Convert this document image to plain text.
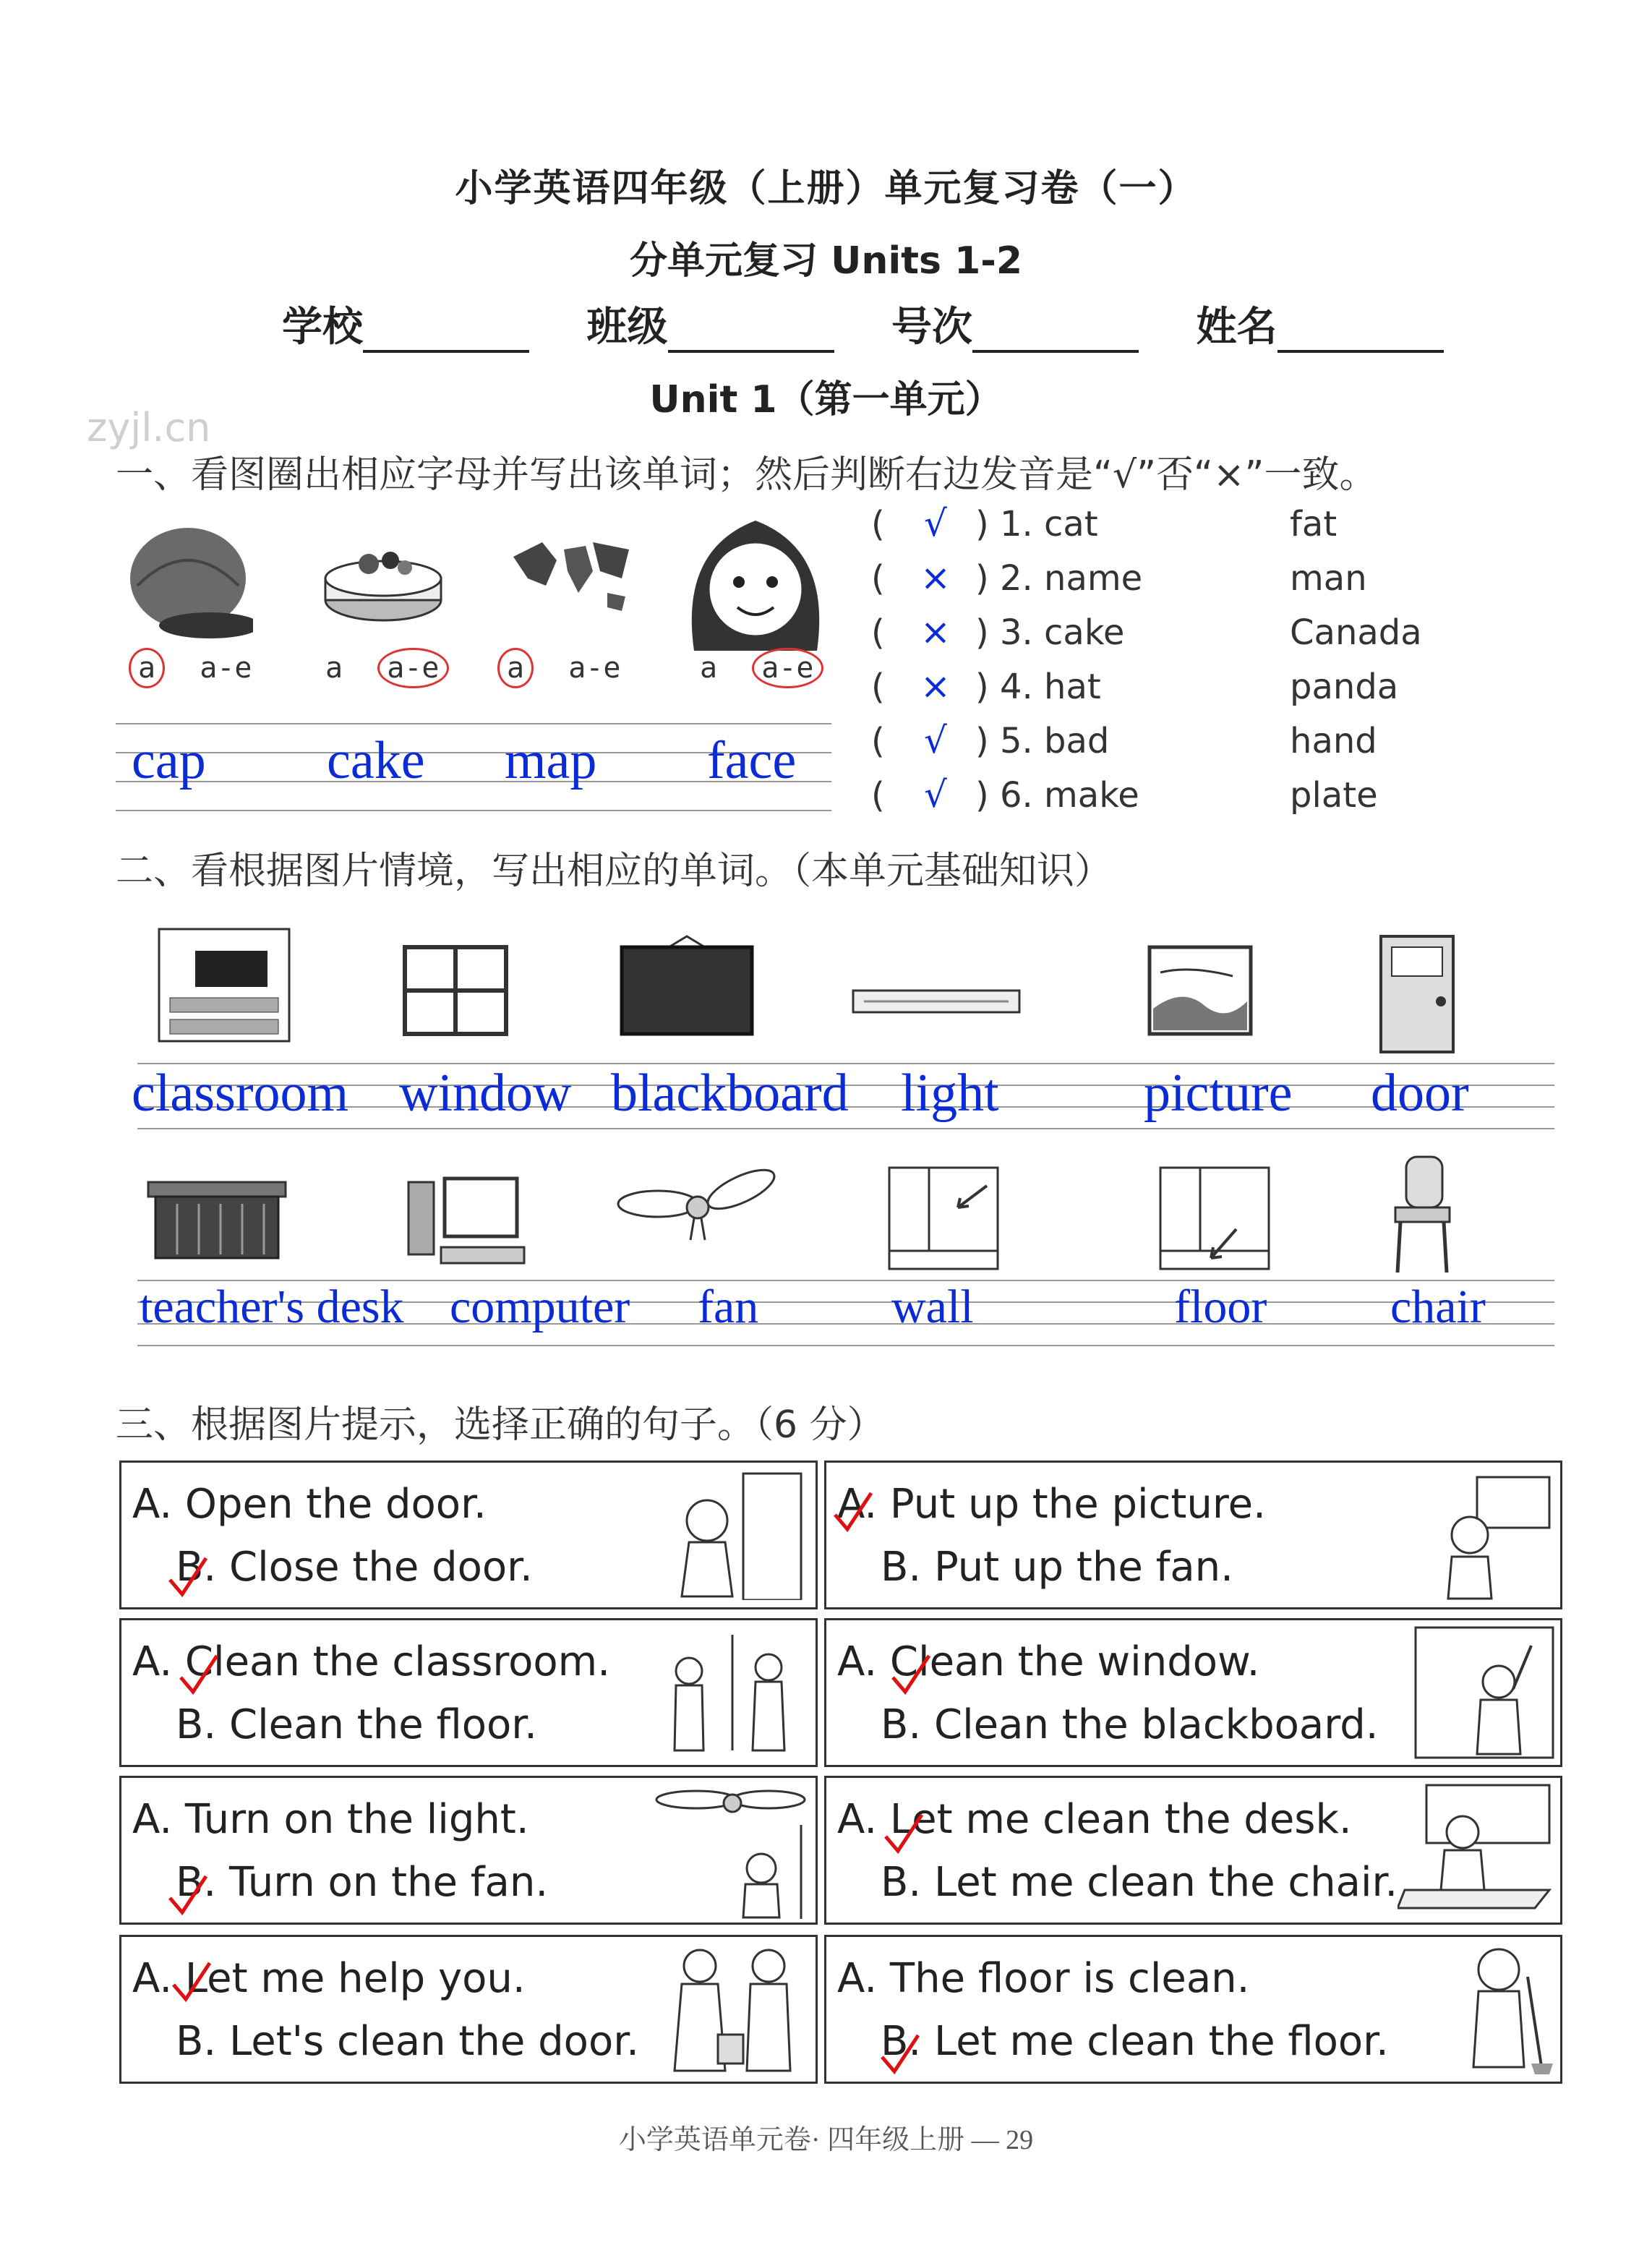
小学英语四年级（上册）单元复习卷（一）
分单元复习 Units 1-2
学校	班级	号次	姓名
Unit 1（第一单元）
zyjl.cn
一、看图圈出相应字母并写出该单词；然后判断右边发音是“√”否“×”一致。
a a-e	a a-e	a a-e	a a-e
cap cake map face
( √ ) 1. cat	fat
( × ) 2. name	man
( × ) 3. cake	Canada
( × ) 4. hat	panda
( √ ) 5. bad	hand
( √ ) 6. make	plate
二、看根据图片情境，写出相应的单词。（本单元基础知识）
classroom window blackboard light	picture door
teacher's desk computer fan	wall	floor	chair
三、根据图片提示，选择正确的句子。（6 分）
A. Open the door.
B. Close the door.
A. Put up the picture.
B. Put up the fan.
A. Clean the classroom.
B. Clean the floor.
A. Clean the window.
B. Clean the blackboard.
A. Turn on the light.
B. Turn on the fan.
A. Let me clean the desk.
B. Let me clean the chair.
A. Let me help you.
B. Let's clean the door.
A. The floor is clean.
B. Let me clean the floor.
小学英语单元卷· 四年级上册 — 29
